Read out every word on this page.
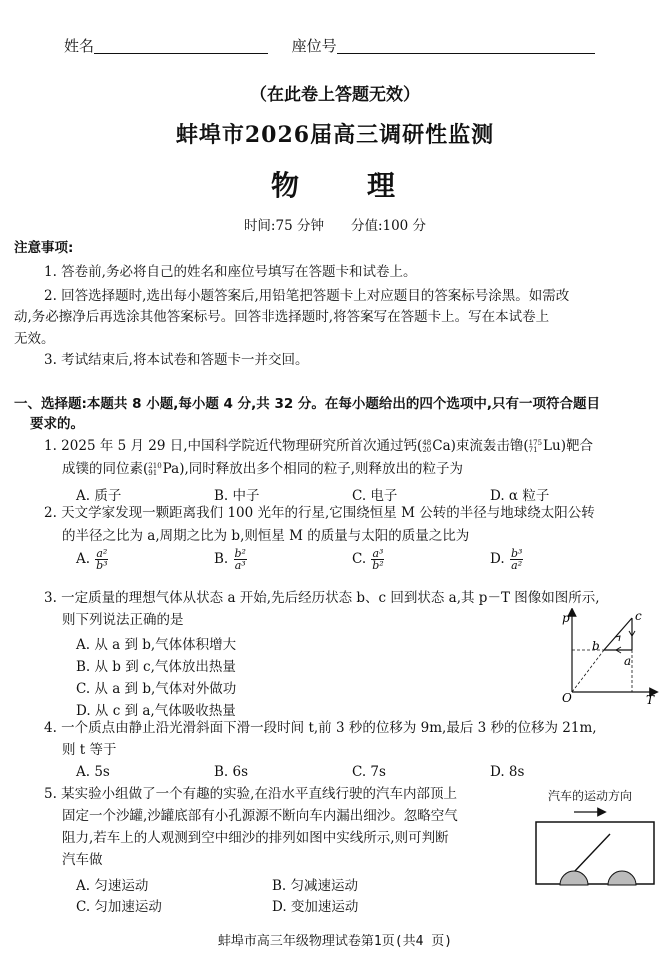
姓名	座位号
（在此卷上答题无效）
蚌埠市2026届高三调研性监测
物　　理
时间:75 分钟　　分值:100 分
注意事项:
1. 答卷前,务必将自己的姓名和座位号填写在答题卡和试卷上。
2. 回答选择题时,选出每小题答案后,用铅笔把答题卡上对应题目的答案标号涂黑。如需改
动,务必擦净后再选涂其他答案标号。回答非选择题时,将答案写在答题卡上。写在本试卷上
无效。
3. 考试结束后,将本试卷和答题卡一并交回。
一、选择题:本题共 8 小题,每小题 4 分,共 32 分。在每小题给出的四个选项中,只有一项符合题目
要求的。
1. 2025 年 5 月 29 日,中国科学院近代物理研究所首次通过钙( 48
20 Ca)束流轰击镥( 175
71 Lu)靶合
成镤的同位素( 210
91 Pa),同时释放出多个相同的粒子,则释放出的粒子为
A. 质子	B. 中子	C. 电子	D. α 粒子
2. 天文学家发现一颗距离我们 100 光年的行星,它围绕恒星 M 公转的半径与地球绕太阳公转
的半径之比为 a,周期之比为 b,则恒星 M 的质量与太阳的质量之比为
A. $\frac{\text{a²}}{\text{b³}}$	B. $\frac{\text{b²}}{\text{a³}}$	C. $\frac{\text{a³}}{\text{b²}}$	D. $\frac{\text{b³}}{\text{a²}}$
3. 一定质量的理想气体从状态 a 开始,先后经历状态 b、c 回到状态 a,其 p－T 图像如图所示,
则下列说法正确的是
A. 从 a 到 b,气体体积增大
B. 从 b 到 c,气体放出热量
C. 从 a 到 b,气体对外做功
D. 从 c 到 a,气体吸收热量
p
T
O
c
b
a
4. 一个质点由静止沿光滑斜面下滑一段时间 t,前 3 秒的位移为 9m,最后 3 秒的位移为 21m,
则 t 等于
A. 5s	B. 6s	C. 7s	D. 8s
5. 某实验小组做了一个有趣的实验,在沿水平直线行驶的汽车内部顶上
固定一个沙罐,沙罐底部有小孔源源不断向车内漏出细沙。忽略空气
阻力,若车上的人观测到空中细沙的排列如图中实线所示,则可判断
汽车做
A. 匀速运动	B. 匀减速运动
C. 匀加速运动	D. 变加速运动
汽车的运动方向
蚌埠市高三年级物理试卷第1页(共4 页)
